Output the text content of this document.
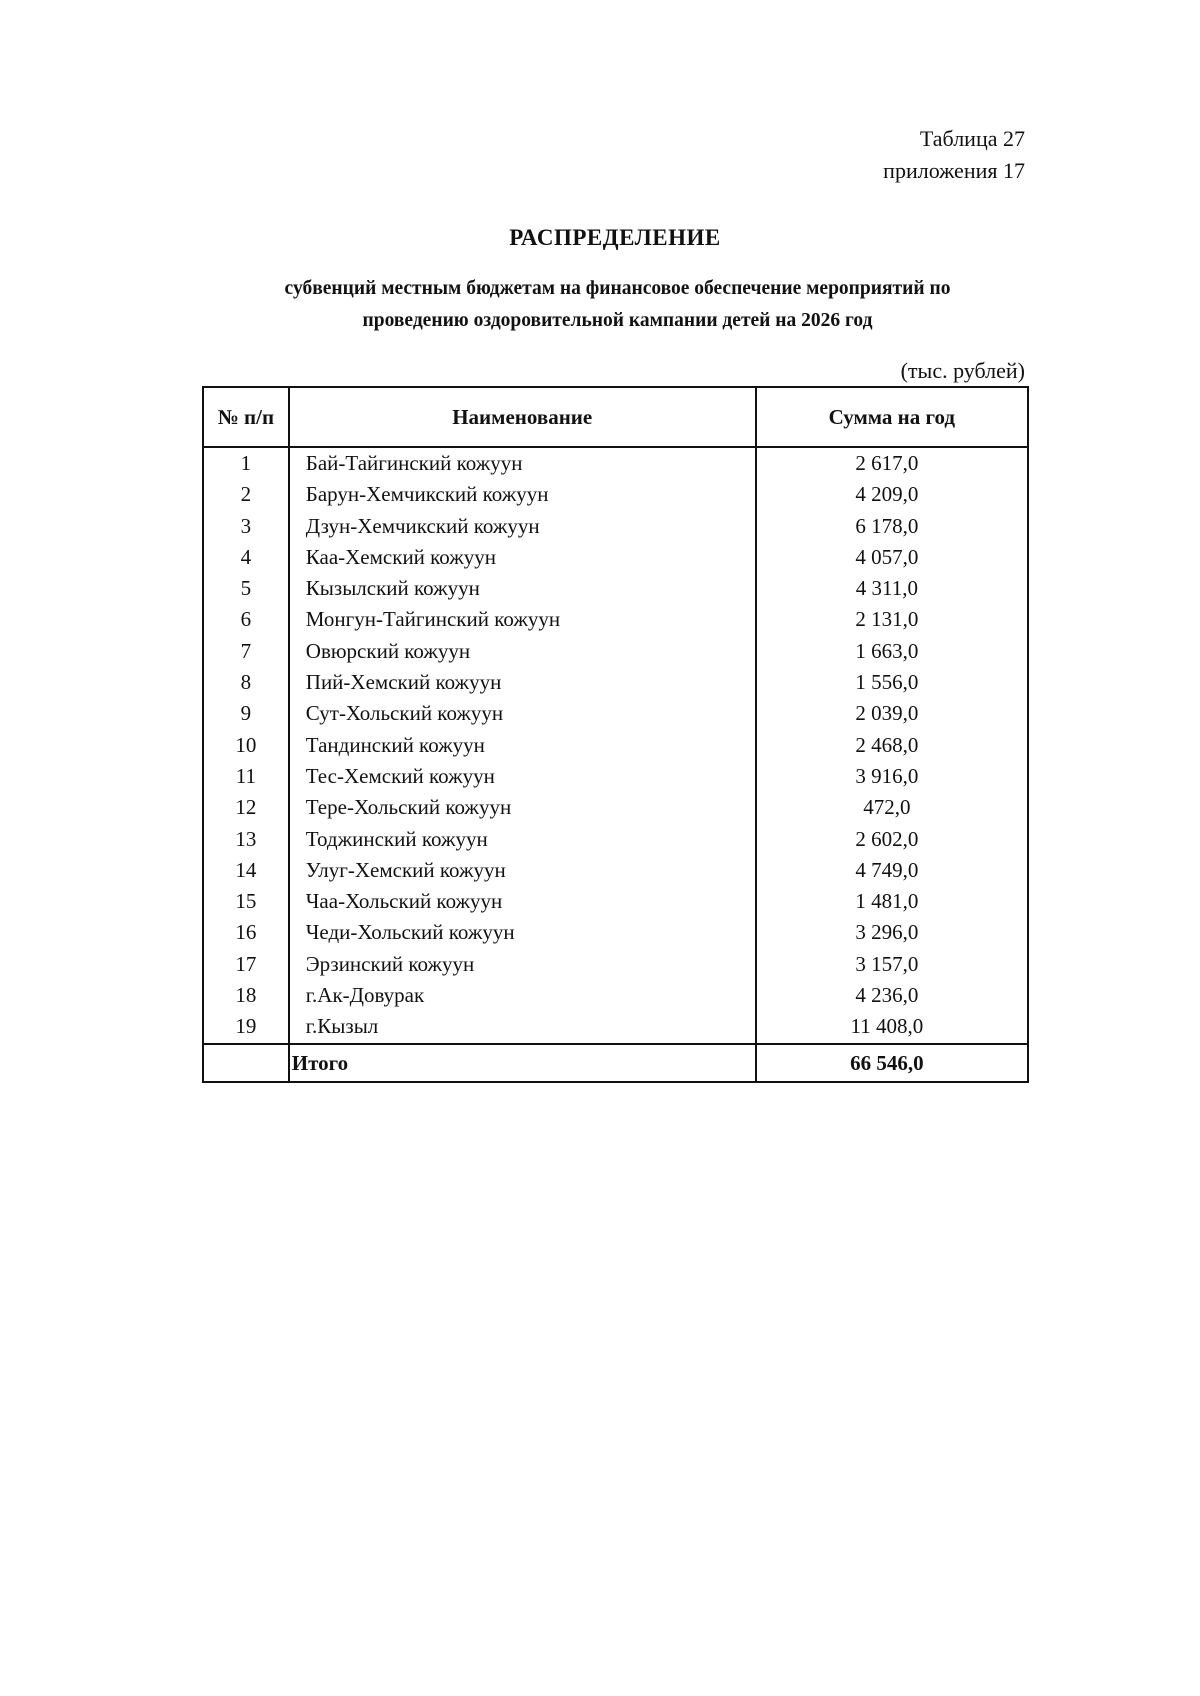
Таблица 27
приложения 17
РАСПРЕДЕЛЕНИЕ
субвенций местным бюджетам на финансовое обеспечение мероприятий по
проведению оздоровительной кампании детей на 2026 год
(тыс. рублей)
№ п/п	Наименование	Сумма на год
1	Бай-Тайгинский кожуун	2 617,0
2	Барун-Хемчикский кожуун	4 209,0
3	Дзун-Хемчикский кожуун	6 178,0
4	Каа-Хемский кожуун	4 057,0
5	Кызылский кожуун	4 311,0
6	Монгун-Тайгинский кожуун	2 131,0
7	Овюрский кожуун	1 663,0
8	Пий-Хемский кожуун	1 556,0
9	Сут-Хольский кожуун	2 039,0
10	Тандинский кожуун	2 468,0
11	Тес-Хемский кожуун	3 916,0
12	Тере-Хольский кожуун	472,0
13	Тоджинский кожуун	2 602,0
14	Улуг-Хемский кожуун	4 749,0
15	Чаа-Хольский кожуун	1 481,0
16	Чеди-Хольский кожуун	3 296,0
17	Эрзинский кожуун	3 157,0
18	г.Ак-Довурак	4 236,0
19	г.Кызыл	11 408,0
	Итого	66 546,0
